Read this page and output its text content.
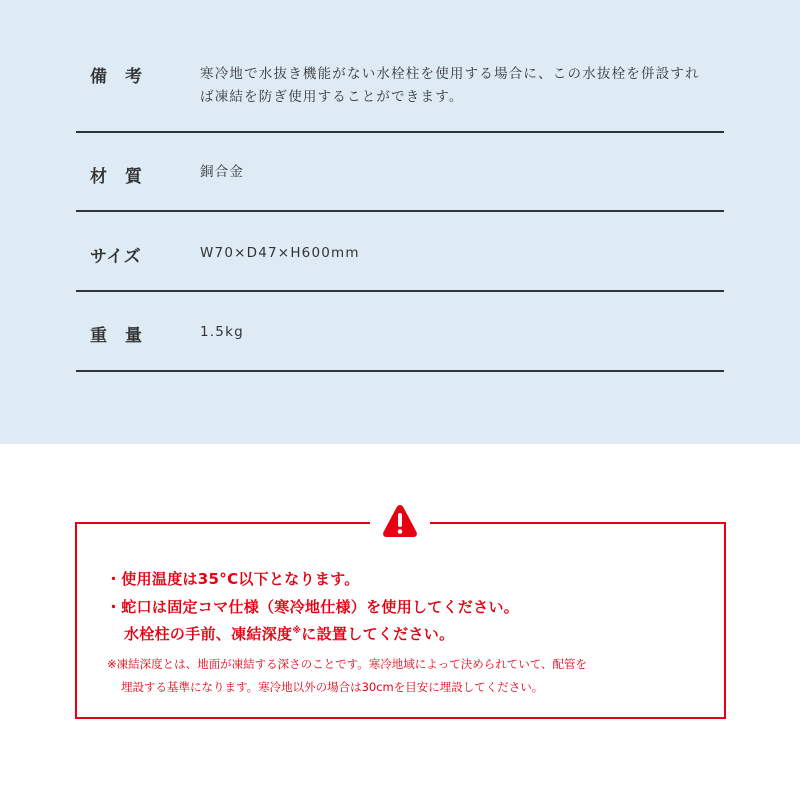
備　考	寒冷地で水抜き機能がない水栓柱を使用する場合に、この水抜栓を併設すれば凍結を防ぎ使用することができます。
材　質	銅合金
サイズ	W70×D47×H600mm
重　量	1.5kg
・使用温度は35°C以下となります。
・蛇口は固定コマ仕様（寒冷地仕様）を使用してください。
水栓柱の手前、凍結深度※に設置してください。
※凍結深度とは、地面が凍結する深さのことです。寒冷地域によって決められていて、配管を
埋設する基準になります。寒冷地以外の場合は30cmを目安に埋設してください。
